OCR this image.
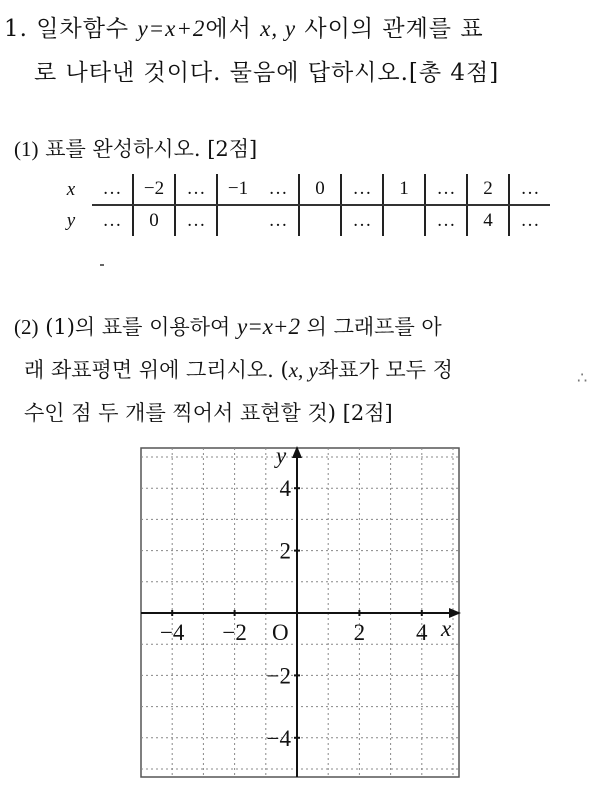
1. 일차함수 y=x+2에서 x, y 사이의 관계를 표
로 나타낸 것이다. 물음에 답하시오.[총 4점]
(1) 표를 완성하시오. [2점]
x	…	−2	…	−1	…	0	…	1	…	2	…
y	…	0	…		…		…		…	4	…
(2) (1)의 표를 이용하여 y=x+2 의 그래프를 아
래 좌표평면 위에 그리시오. (x, y좌표가 모두 정
수인 점 두 개를 찍어서 표현할 것) [2점]
∴
x
y
O
−4 −2	2 4
4
2
−2
−4
